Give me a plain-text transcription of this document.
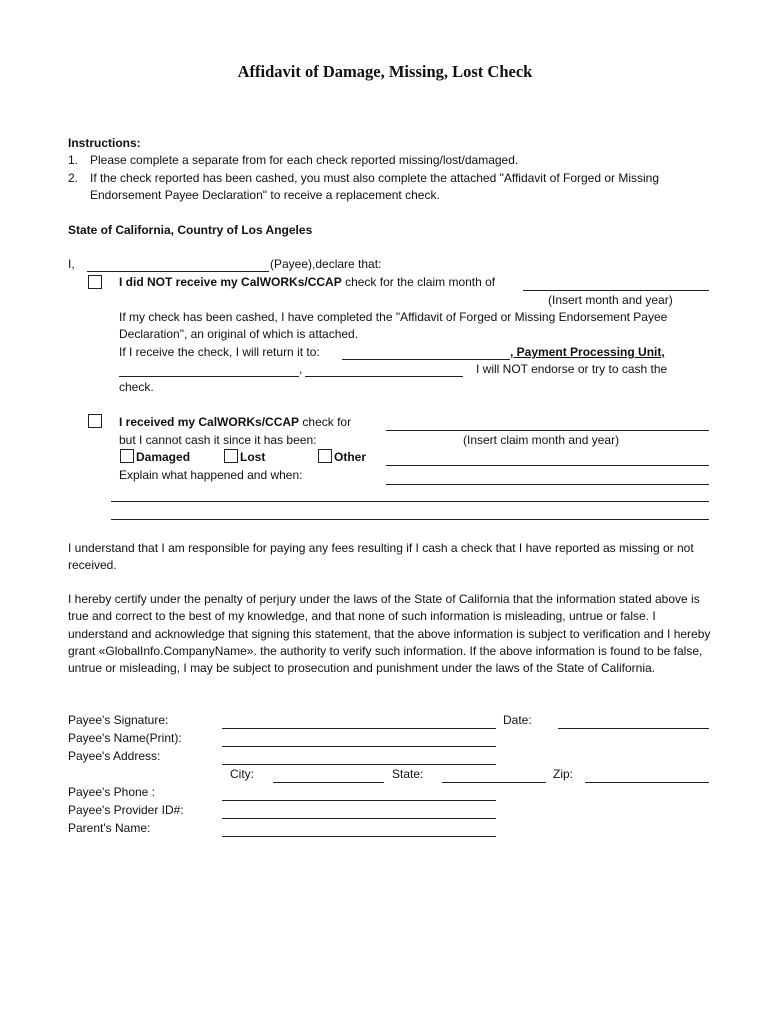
Affidavit of Damage, Missing, Lost Check
Instructions:
1. Please complete a separate from for each check reported missing/lost/damaged.
2. If the check reported has been cashed, you must also complete the attached "Affidavit of Forged or Missing
Endorsement Payee Declaration" to receive a replacement check.
State of California, Country of Los Angeles
I,	(Payee),declare that:
I did NOT receive my CalWORKs/CCAP check for the claim month of
(Insert month and year)
If my check has been cashed, I have completed the "Affidavit of Forged or Missing Endorsement Payee
Declaration", an original of which is attached.
If I receive the check, I will return it to:	, Payment Processing Unit,
,	I will NOT endorse or try to cash the
check.
I received my CalWORKs/CCAP check for
but I cannot cash it since it has been:	(Insert claim month and year)
Damaged	Lost	Other
Explain what happened and when:
I understand that I am responsible for paying any fees resulting if I cash a check that I have reported as missing or not received.
I hereby certify under the penalty of perjury under the laws of the State of California that the information stated above is true and correct to the best of my knowledge, and that none of such information is misleading, untrue or false. I understand and acknowledge that signing this statement, that the above information is subject to verification and I hereby grant «GlobalInfo.CompanyName». the authority to verify such information. If the above information is found to be false, untrue or misleading, I may be subject to prosecution and punishment under the laws of the State of California.
Payee's Signature:	Date:
Payee's Name(Print):
Payee's Address:
City:	State:	Zip:
Payee's Phone :
Payee's Provider ID#:
Parent's Name:
